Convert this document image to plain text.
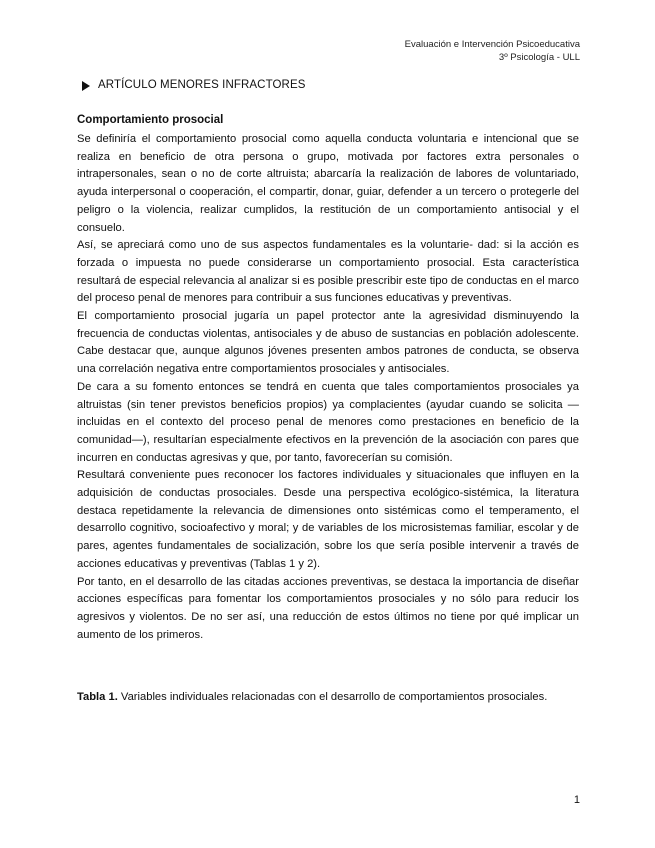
Evaluación e Intervención Psicoeducativa
3º Psicología - ULL
ARTÍCULO MENORES INFRACTORES
Comportamiento prosocial

Se definiría el comportamiento prosocial como aquella conducta voluntaria e intencional que se realiza en beneficio de otra persona o grupo, motivada por factores extra personales o intrapersonales, sean o no de corte altruista; abarcaría la realización de labores de voluntariado, ayuda interpersonal o cooperación, el compartir, donar, guiar, defender a un tercero o protegerle del peligro o la violencia, realizar cumplidos, la restitución de un comportamiento antisocial y el consuelo.

Así, se apreciará como uno de sus aspectos fundamentales es la voluntarie- dad: si la acción es forzada o impuesta no puede considerarse un comportamiento prosocial. Esta característica resultará de especial relevancia al analizar si es posible prescribir este tipo de conductas en el marco del proceso penal de menores para contribuir a sus funciones educativas y preventivas.

El comportamiento prosocial jugaría un papel protector ante la agresividad disminuyendo la frecuencia de conductas violentas, antisociales y de abuso de sustancias en población adolescente. Cabe destacar que, aunque algunos jóvenes presenten ambos patrones de conducta, se observa una correlación negativa entre comportamientos prosociales y antisociales.

De cara a su fomento entonces se tendrá en cuenta que tales comportamientos prosociales ya altruistas (sin tener previstos beneficios propios) ya complacientes (ayudar cuando se solicita —incluidas en el contexto del proceso penal de menores como prestaciones en beneficio de la comunidad—), resultarían especialmente efectivos en la prevención de la asociación con pares que incurren en conductas agresivas y que, por tanto, favorecerían su comisión.

Resultará conveniente pues reconocer los factores individuales y situacionales que influyen en la adquisición de conductas prosociales. Desde una perspectiva ecológico-sistémica, la literatura destaca repetidamente la relevancia de dimensiones onto sistémicas como el temperamento, el desarrollo cognitivo, socioafectivo y moral; y de variables de los microsistemas familiar, escolar y de pares, agentes fundamentales de socialización, sobre los que sería posible intervenir a través de acciones educativas y preventivas (Tablas 1 y 2).

Por tanto, en el desarrollo de las citadas acciones preventivas, se destaca la importancia de diseñar acciones específicas para fomentar los comportamientos prosociales y no sólo para reducir los agresivos y violentos. De no ser así, una reducción de estos últimos no tiene por qué implicar un aumento de los primeros.

Tabla 1. Variables individuales relacionadas con el desarrollo de comportamientos prosociales.
1
